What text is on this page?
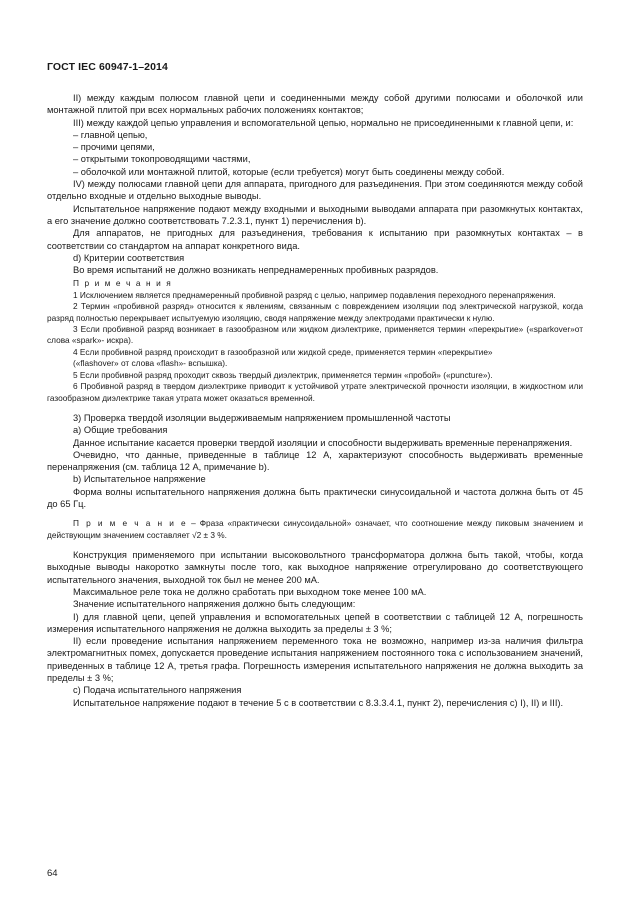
ГОСТ IEC 60947-1–2014

II) между каждым полюсом главной цепи и соединенными между собой другими полюсами и оболочкой или монтажной плитой при всех нормальных рабочих положениях контактов;

III) между каждой цепью управления и вспомогательной цепью, нормально не присоединенными к главной цепи, и:

– главной цепью,

– прочими цепями,

– открытыми токопроводящими частями,

– оболочкой или монтажной плитой, которые (если требуется) могут быть соединены между собой.

IV) между полюсами главной цепи для аппарата, пригодного для разъединения. При этом соединяются между собой отдельно входные и отдельно выходные выводы.

Испытательное напряжение подают между входными и выходными выводами аппарата при разомкнутых контактах, а его значение должно соответствовать 7.2.3.1, пункт 1) перечисления b).

Для аппаратов, не пригодных для разъединения, требования к испытанию при разомкнутых контактах – в соответствии со стандартом на аппарат конкретного вида.

d) Критерии соответствия

Во время испытаний не должно возникать непреднамеренных пробивных разрядов.

П р и м е ч а н и я

1 Исключением является преднамеренный пробивной разряд с целью, например подавления переходного перенапряжения.

2 Термин «пробивной разряд» относится к явлениям, связанным с повреждением изоляции под электрической нагрузкой, когда разряд полностью перекрывает испытуемую изоляцию, сводя напряжение между электродами практически к нулю.

3 Если пробивной разряд возникает в газообразном или жидком диэлектрике, применяется термин «перекрытие» («sparkover»от слова «spark»- искра).

4 Если пробивной разряд происходит в газообразной или жидкой среде, применяется термин «перекрытие»

(«flashover» от слова «flash»- вспышка).

5 Если пробивной разряд проходит сквозь твердый диэлектрик, применяется термин «пробой» («puncture»).

6 Пробивной разряд в твердом диэлектрике приводит к устойчивой утрате электрической прочности изоляции, в жидкостном или газообразном диэлектрике такая утрата может оказаться временной.

3) Проверка твердой изоляции выдерживаемым напряжением промышленной частоты

a) Общие требования

Данное испытание касается проверки твердой изоляции и способности выдерживать временные перенапряжения.

Очевидно, что данные, приведенные в таблице 12 А, характеризуют способность выдерживать временные перенапряжения (см. таблица 12 А, примечание b).

b) Испытательное напряжение

Форма волны испытательного напряжения должна быть практически синусоидальной и частота должна быть от 45 до 65 Гц.

П р и м е ч а н и е – Фраза «практически синусоидальной» означает, что соотношение между пиковым значением и действующим значением составляет √2 ± 3 %.

Конструкция применяемого при испытании высоковольтного трансформатора должна быть такой, чтобы, когда выходные выводы накоротко замкнуты после того, как выходное напряжение отрегулировано до соответствующего испытательного значения, выходной ток был не менее 200 мА.

Максимальное реле тока не должно сработать при выходном токе менее 100 мА.

Значение испытательного напряжения должно быть следующим:

I) для главной цепи, цепей управления и вспомогательных цепей в соответствии с таблицей 12 А, погрешность измерения испытательного напряжения не должна выходить за пределы ± 3 %;

II) если проведение испытания напряжением переменного тока не возможно, например из-за наличия фильтра электромагнитных помех, допускается проведение испытания напряжением постоянного тока с использованием значений, приведенных в таблице 12 А, третья графа. Погрешность измерения испытательного напряжения не должна выходить за пределы ± 3 %;

c) Подача испытательного напряжения

Испытательное напряжение подают в течение 5 с в соответствии с 8.3.3.4.1, пункт 2), перечисления c) I), II) и III).

64
